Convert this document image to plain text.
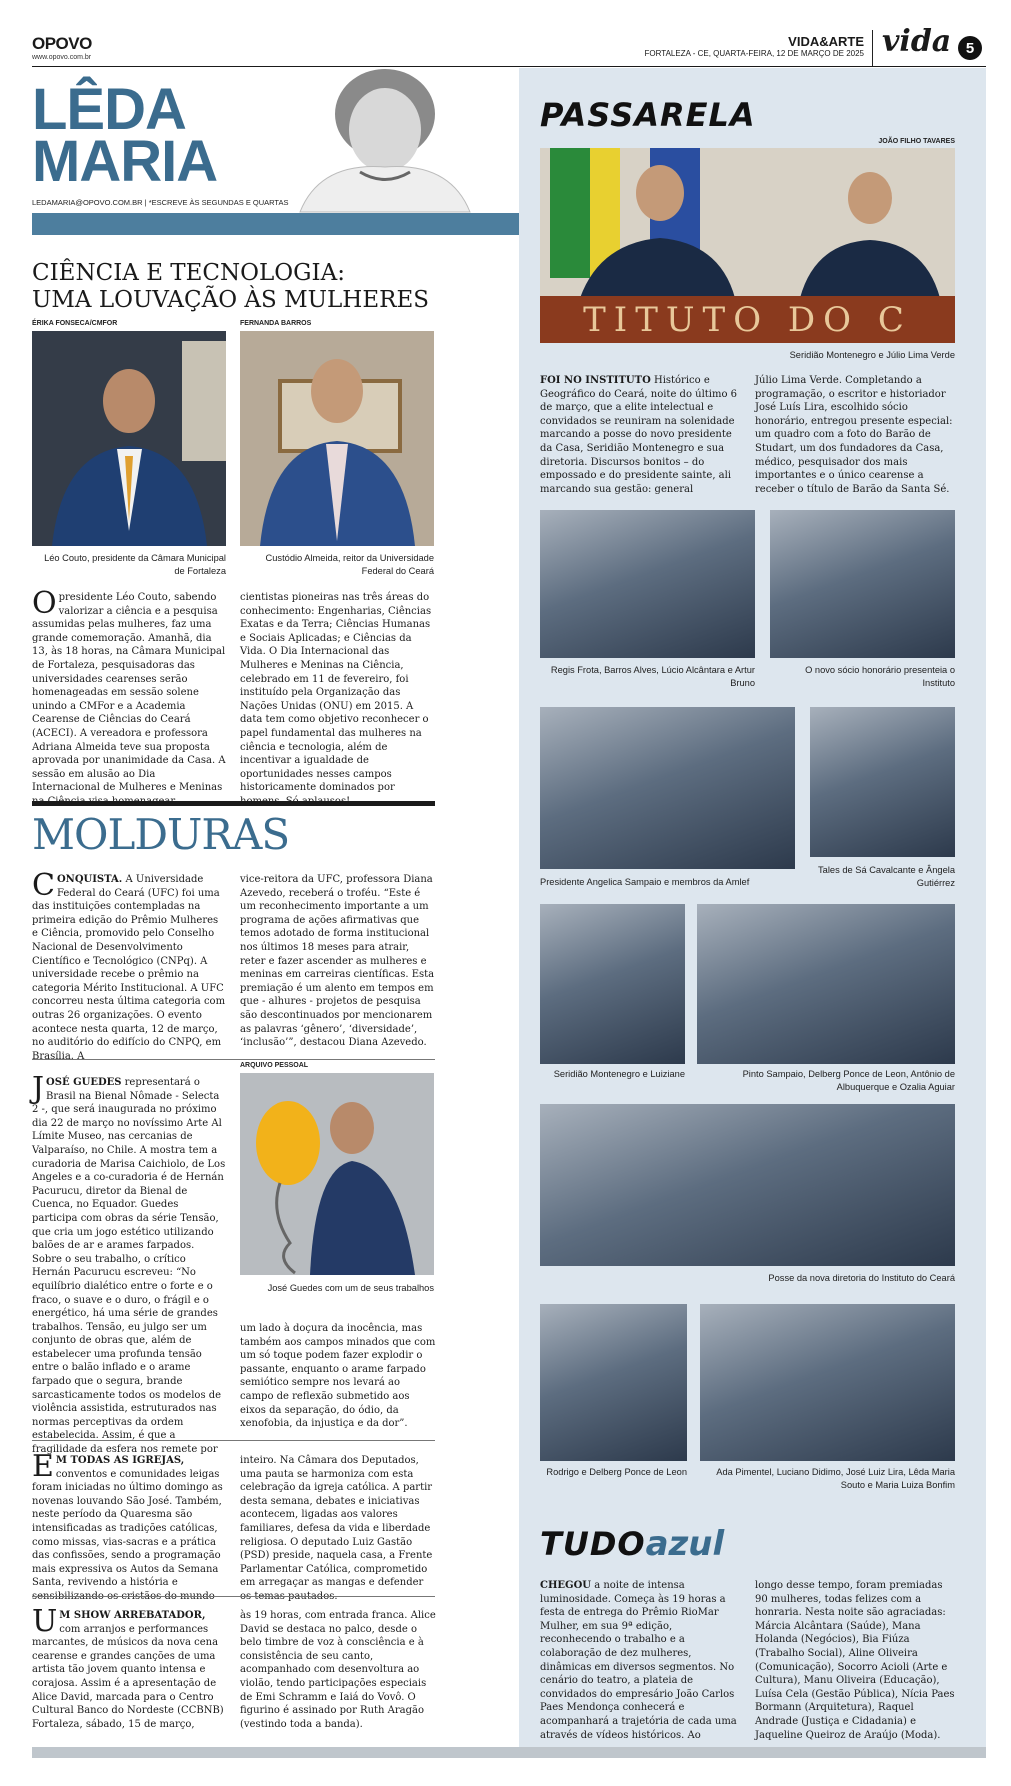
OPOVO
www.opovo.com.br
VIDA&ARTE
FORTALEZA - CE, QUARTA-FEIRA, 12 DE MARÇO DE 2025 vida 5
LÊDA
MARIA
LEDAMARIA@OPOVO.COM.BR | *ESCREVE ÀS SEGUNDAS E QUARTAS
CIÊNCIA E TECNOLOGIA:
UMA LOUVAÇÃO ÀS MULHERES
ÉRIKA FONSECA/CMFOR	FERNANDA BARROS
Léo Couto, presidente da Câmara Municipal de Fortaleza
Custódio Almeida, reitor da Universidade Federal do Ceará

Opresidente Léo Couto, sabendo valorizar a ciência e a pesquisa assumidas pelas mulheres, faz uma grande comemoração. Amanhã, dia 13, às 18 horas, na Câmara Municipal de Fortaleza, pesquisadoras das universidades cearenses serão homenageadas em sessão solene unindo a CMFor e a Academia Cearense de Ciências do Ceará (ACECI). A vereadora e professora Adriana Almeida teve sua proposta aprovada por unanimidade da Casa. A sessão em alusão ao Dia Internacional de Mulheres e Meninas

cientistas pioneiras nas três áreas do conhecimento: Engenharias, Ciências Exatas e da Terra; Ciências Humanas e Sociais Aplicadas; e Ciências da Vida. O Dia Internacional das Mulheres e Meninas na Ciência, celebrado em 11 de fevereiro, foi instituído pela Organização das Nações Unidas (ONU) em 2015. A data tem como objetivo reconhecer o papel fundamental das mulheres na ciência e tecnologia, além de incentivar a igualdade de oportunidades nesses campos historicamente dominados por

MOLDURAS

CONQUISTA. A Universidade Federal do Ceará (UFC) foi uma das instituições contempladas na primeira edição do Prêmio Mulheres e Ciência, promovido pelo Conselho Nacional de Desenvolvimento Científico e Tecnológico (CNPq). A universidade recebe o prêmio na categoria Mérito Institucional. A UFC concorreu nesta última categoria com outras 26 organizações. O evento acontece nesta quarta, 12 de março, no auditório do edifício do CNPQ, em Brasília. A

vice-reitora da UFC, professora Diana Azevedo, receberá o troféu. “Este é um reconhecimento importante a um programa de ações afirmativas que temos adotado de forma institucional nos últimos 18 meses para atrair, reter e fazer ascender as mulheres e meninas em carreiras científicas. Esta premiação é um alento em tempos em que - alhures - projetos de pesquisa são descontinuados por mencionarem as palavras ‘gênero’, ‘diversidade’, ‘inclusão’”, destacou Diana Azevedo.

ARQUIVO PESSOAL
José Guedes com um de seus trabalhos

JOSÉ GUEDES representará o Brasil na Bienal Nômade - Selecta 2 -, que será inaugurada no próximo dia 22 de março no novíssimo Arte Al Límite Museo, nas cercanias de Valparaíso, no Chile. A mostra tem a curadoria de Marisa Caichiolo, de Los Angeles e a co-curadoria é de Hernán Pacurucu, diretor da Bienal de Cuenca, no Equador. Guedes participa com obras da série Tensão, que cria um jogo estético utilizando balões de ar e arames farpados. Sobre o seu trabalho, o crítico Hernán Pacurucu escreveu: “No equilíbrio dialético entre o forte e o fraco, o suave e o duro, o frágil e o energético, há uma série de grandes trabalhos. Tensão, eu julgo ser um conjunto de obras que, além de estabelecer uma profunda tensão entre o balão inflado e o arame farpado que o segura, brande sarcasticamente todos os modelos de violência assistida, estruturados nas normas perceptivas da ordem estabelecida. Assim, é que a fragilidade da esfera nos remete por

um lado à doçura da inocência, mas também aos campos minados que com um só toque podem fazer explodir o passante, enquanto o arame farpado semiótico sempre nos levará ao campo de reflexão submetido aos eixos da separação, do ódio, da xenofobia, da injustiça e da dor”.

E M TODAS AS IGREJAS, conventos e comunidades leigas foram iniciadas no último domingo as novenas louvando São José. Também, neste período da Quaresma são intensificadas as tradições católicas, como missas, vias-sacras e a prática das confissões, sendo a programação mais expressiva os Autos da Semana Santa, revivendo a história e sensibilizando os cristãos do mundo

inteiro. Na Câmara dos Deputados, uma pauta se harmoniza com esta celebração da igreja católica. A partir desta semana, debates e iniciativas acontecem, ligadas aos valores familiares, defesa da vida e liberdade religiosa. O deputado Luiz Gastão (PSD) preside, naquela casa, a Frente Parlamentar Católica, comprometido em arregaçar as mangas e defender os temas pautados.

U M SHOW ARREBATADOR, com arranjos e performances marcantes, de músicos da nova cena cearense e grandes canções de uma artista tão jovem quanto intensa e corajosa. Assim é a apresentação de Alice David, marcada para o Centro Cultural Banco do Nordeste (CCBNB) Fortaleza, sábado, 15 de março,

às 19 horas, com entrada franca. Alice David se destaca no palco, desde o belo timbre de voz à consciência e à consistência de seu canto, acompanhado com desenvoltura ao violão, tendo participações especiais de Emi Schramm e Iaiá do Vovô. O figurino é assinado por Ruth Aragão (vestindo toda a banda).

PASSARELA
JOÃO FILHO TAVARES
TITUTO DO C
Seridião Montenegro e Júlio Lima Verde

FOI NO INSTITUTO Histórico e Geográfico do Ceará, noite do último 6 de março, que a elite intelectual e convidados se reuniram na solenidade marcando a posse do novo presidente da Casa, Seridião Montenegro e sua diretoria. Discursos bonitos – do empossado e do presidente sainte, ali marcando sua gestão: general

Júlio Lima Verde. Completando a programação, o escritor e historiador José Luís Lira, escolhido sócio honorário, entregou presente especial: um quadro com a foto do Barão de Studart, um dos fundadores da Casa, médico, pesquisador dos mais importantes e o único cearense a receber o título de Barão da Santa Sé.

Regis Frota, Barros Alves, Lúcio Alcântara e Artur Bruno
O novo sócio honorário presenteia o Instituto
Presidente Angelica Sampaio e membros da Amlef
Tales de Sá Cavalcante e Ângela Gutiérrez
Seridião Montenegro e Luiziane	Pinto Sampaio, Delberg Ponce de Leon, Antônio de Albuquerque e Ozalia Aguiar
Posse da nova diretoria do Instituto do Ceará
Rodrigo e Delberg Ponce de Leon	Ada Pimentel, Luciano Didimo, José Luiz Lira, Lêda Maria Souto e Maria Luiza Bonfim
TUDOazul

CHEGOU a noite de intensa luminosidade. Começa às 19 horas a festa de entrega do Prêmio RioMar Mulher, em sua 9ª edição, reconhecendo o trabalho e a colaboração de dez mulheres, dinâmicas em diversos segmentos. No cenário do teatro, a plateia de convidados do empresário João Carlos Paes Mendonça conhecerá e acompanhará a trajetória de cada uma através de vídeos históricos. Ao

longo desse tempo, foram premiadas 90 mulheres, todas felizes com a honraria. Nesta noite são agraciadas: Márcia Alcântara (Saúde), Mana Holanda (Negócios), Bia Fiúza (Trabalho Social), Aline Oliveira (Comunicação), Socorro Acioli (Arte e Cultura), Manu Oliveira (Educação), Luísa Cela (Gestão Pública), Nícia Paes Bormann (Arquitetura), Raquel Andrade (Justiça e Cidadania) e Jaqueline Queiroz de Araújo (Moda).
